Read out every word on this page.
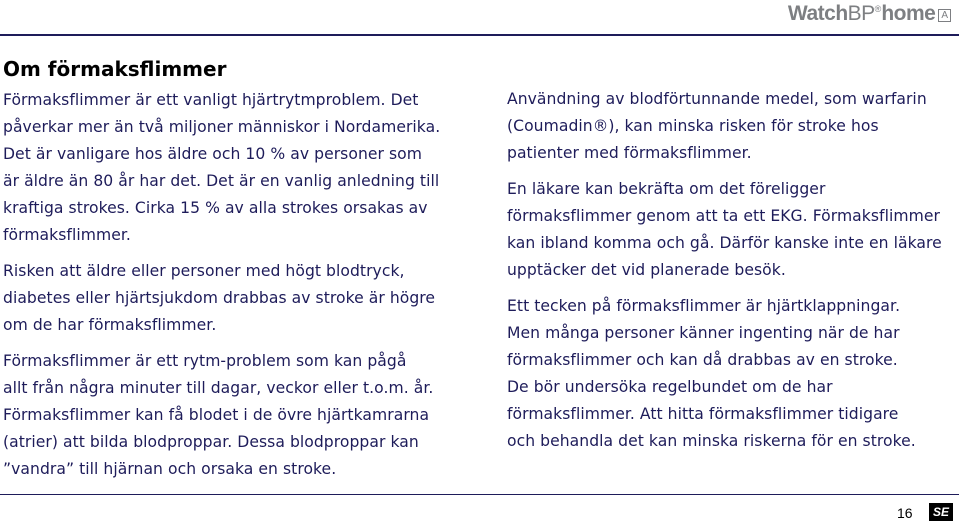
Watch BP ® home A
Om förmaksflimmer

Förmaksflimmer är ett vanligt hjärtrytmproblem. Det
påverkar mer än två miljoner människor i Nordamerika.
Det är vanligare hos äldre och 10 % av personer som
är äldre än 80 år har det. Det är en vanlig anledning till
kraftiga strokes. Cirka 15 % av alla strokes orsakas av
förmaksflimmer.

Risken att äldre eller personer med högt blodtryck,
diabetes eller hjärtsjukdom drabbas av stroke är högre
om de har förmaksflimmer.

Förmaksflimmer är ett rytm-problem som kan pågå
allt från några minuter till dagar, veckor eller t.o.m. år.
Förmaksflimmer kan få blodet i de övre hjärtkamrarna
(atrier) att bilda blodproppar. Dessa blodproppar kan
”vandra” till hjärnan och orsaka en stroke.

Användning av blodförtunnande medel, som warfarin
(Coumadin®), kan minska risken för stroke hos
patienter med förmaksflimmer.

En läkare kan bekräfta om det föreligger
förmaksflimmer genom att ta ett EKG. Förmaksflimmer
kan ibland komma och gå. Därför kanske inte en läkare
upptäcker det vid planerade besök.

Ett tecken på förmaksflimmer är hjärtklappningar.
Men många personer känner ingenting när de har
förmaksflimmer och kan då drabbas av en stroke.
De bör undersöka regelbundet om de har
förmaksflimmer. Att hitta förmaksflimmer tidigare
och behandla det kan minska riskerna för en stroke.

16	SE
